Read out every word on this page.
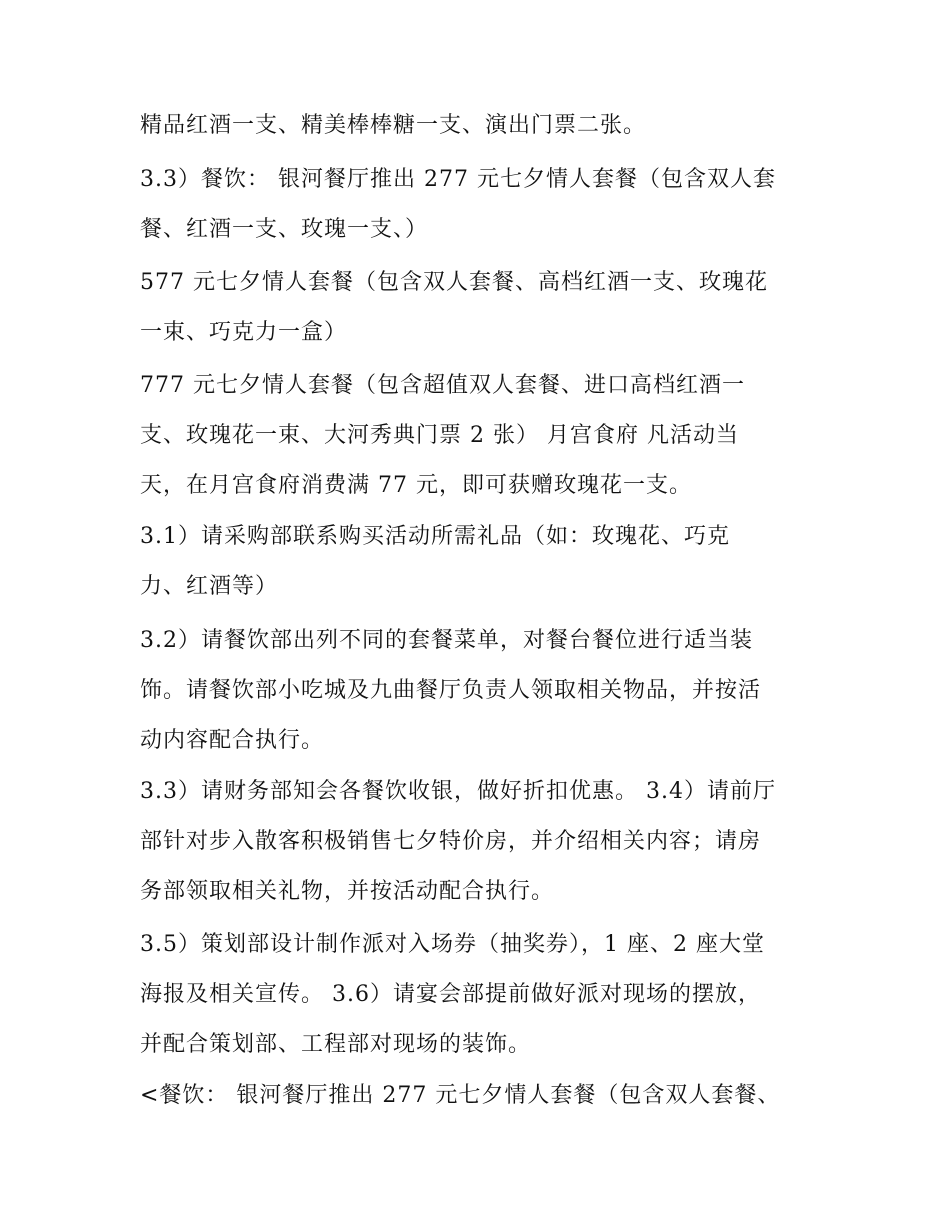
精品红酒一支、精美棒棒糖一支、演出门票二张。
3.3）餐饮： 银河餐厅推出 277 元七夕情人套餐（包含双人套
餐、红酒一支、玫瑰一支、）
577 元七夕情人套餐（包含双人套餐、高档红酒一支、玫瑰花
一束、巧克力一盒）
777 元七夕情人套餐（包含超值双人套餐、进口高档红酒一
支、玫瑰花一束、大河秀典门票 2 张） 月宫食府 凡活动当
天，在月宫食府消费满 77 元，即可获赠玫瑰花一支。
3.1）请采购部联系购买活动所需礼品（如：玫瑰花、巧克
力、红酒等）
3.2）请餐饮部出列不同的套餐菜单，对餐台餐位进行适当装
饰。请餐饮部小吃城及九曲餐厅负责人领取相关物品，并按活
动内容配合执行。
3.3）请财务部知会各餐饮收银，做好折扣优惠。 3.4）请前厅
部针对步入散客积极销售七夕特价房，并介绍相关内容；请房
务部领取相关礼物，并按活动配合执行。
3.5）策划部设计制作派对入场券（抽奖券），1 座、2 座大堂
海报及相关宣传。 3.6）请宴会部提前做好派对现场的摆放，
并配合策划部、工程部对现场的装饰。
<餐饮： 银河餐厅推出 277 元七夕情人套餐（包含双人套餐、
